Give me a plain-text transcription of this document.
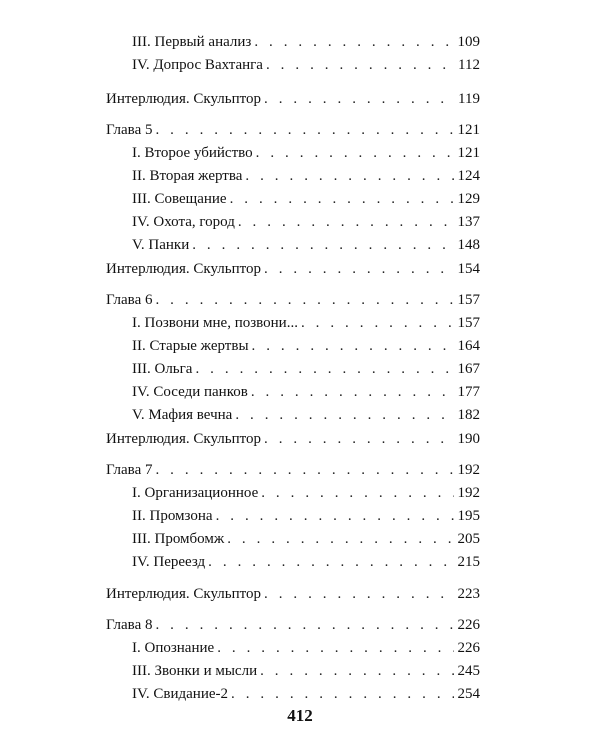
III. Первый анализ . . .	109
IV. Допрос Вахтанга . . .	112
Интерлюдия. Скульптор . . .	119
Глава 5 . . .	121
I. Второе убийство . . .	121
II. Вторая жертва . . .	124
III. Совещание . . .	129
IV. Охота, город . . .	137
V. Панки . . .	148
Интерлюдия. Скульптор . . .	154
Глава 6 . . .	157
I. Позвони мне, позвони... . . .	157
II. Старые жертвы . . .	164
III. Ольга . . .	167
IV. Соседи панков . . .	177
V. Мафия вечна . . .	182
Интерлюдия. Скульптор . . .	190
Глава 7 . . .	192
I. Организационное . . .	192
II. Промзона . . .	195
III. Промбомж . . .	205
IV. Переезд . . .	215
Интерлюдия. Скульптор . . .	223
Глава 8 . . .	226
I. Опознание . . .	226
III. Звонки и мысли . . .	245
IV. Свидание-2 . . .	254
412
